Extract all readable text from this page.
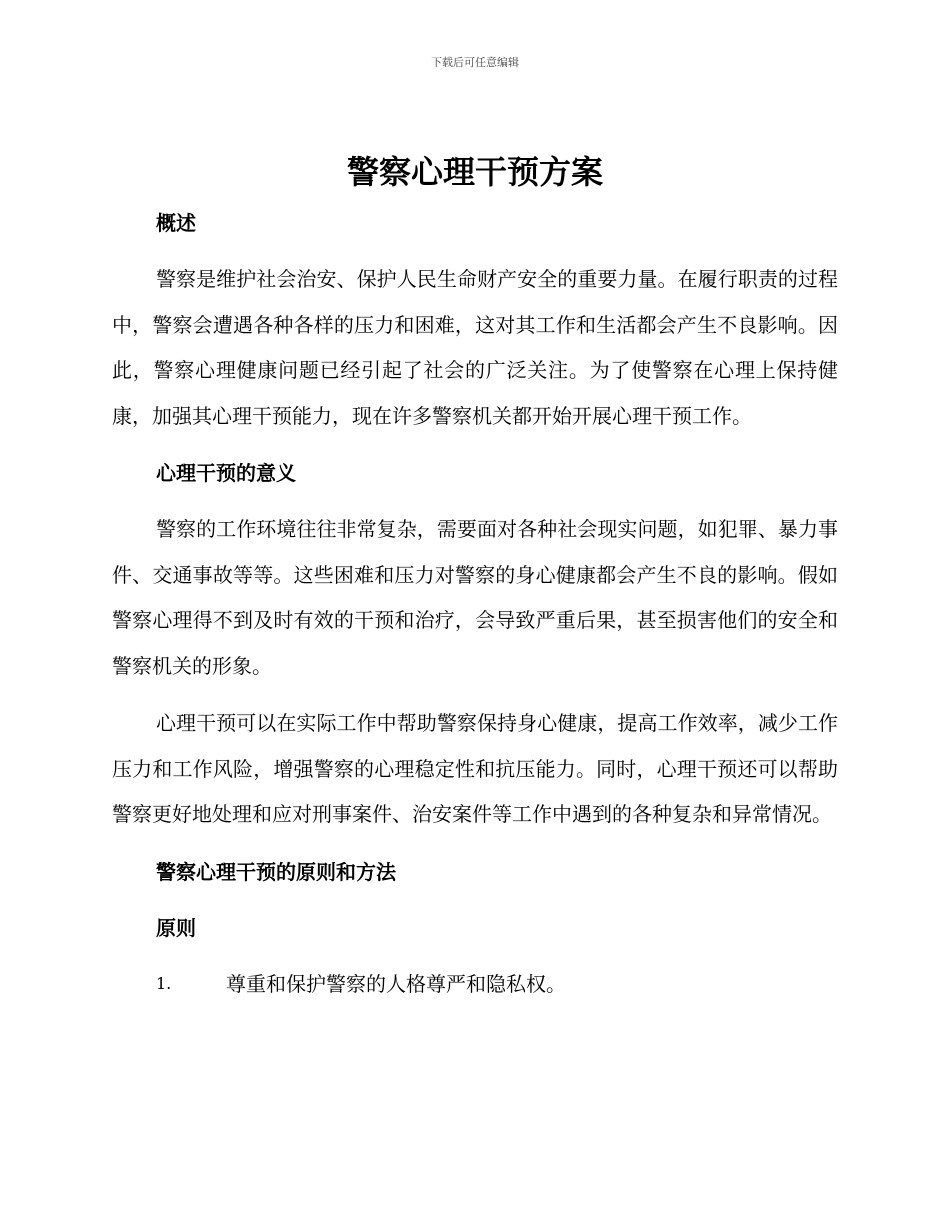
下载后可任意编辑
警察心理干预方案
概述

警察是维护社会治安、保护人民生命财产安全的重要力量。在履行职责的过程中，警察会遭遇各种各样的压力和困难，这对其工作和生活都会产生不良影响。因此，警察心理健康问题已经引起了社会的广泛关注。为了使警察在心理上保持健康，加强其心理干预能力，现在许多警察机关都开始开展心理干预工作。

心理干预的意义

警察的工作环境往往非常复杂，需要面对各种社会现实问题，如犯罪、暴力事件、交通事故等等。这些困难和压力对警察的身心健康都会产生不良的影响。假如警察心理得不到及时有效的干预和治疗，会导致严重后果，甚至损害他们的安全和警察机关的形象。

心理干预可以在实际工作中帮助警察保持身心健康，提高工作效率，减少工作压力和工作风险，增强警察的心理稳定性和抗压能力。同时，心理干预还可以帮助警察更好地处理和应对刑事案件、治安案件等工作中遇到的各种复杂和异常情况。

警察心理干预的原则和方法
原则
1.	尊重和保护警察的人格尊严和隐私权。
